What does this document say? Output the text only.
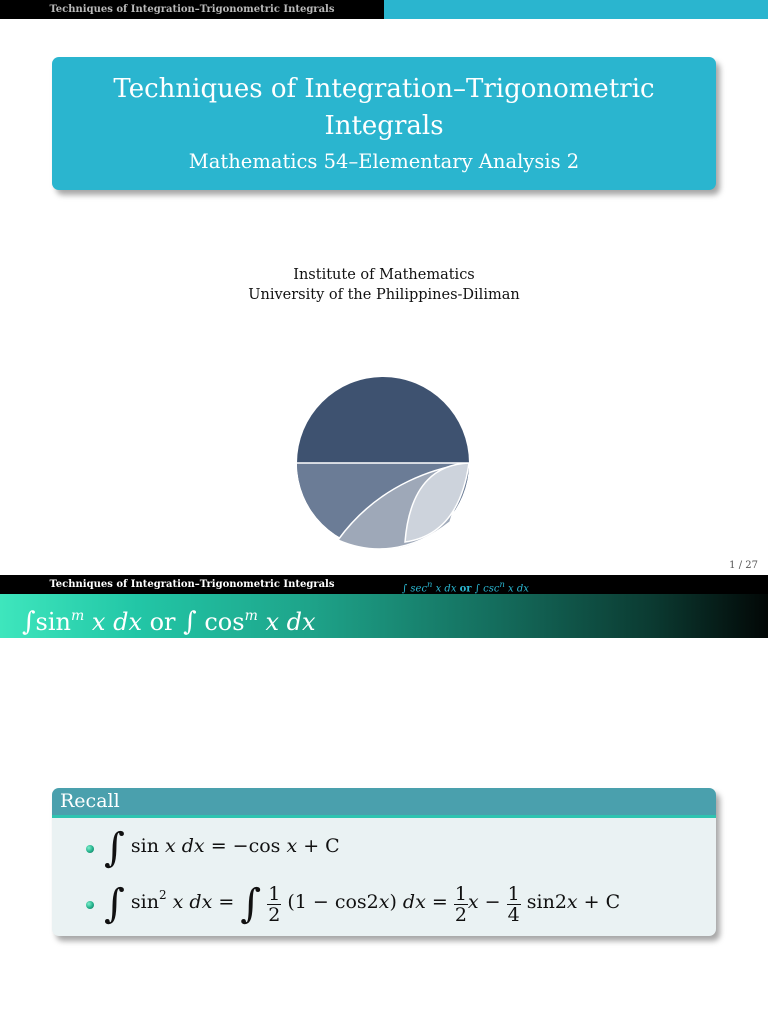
Techniques of Integration–Trigonometric Integrals
Techniques of Integration–Trigonometric
Integrals
Mathematics 54–Elementary Analysis 2
Institute of Mathematics
University of the Philippines-Diliman
1 / 27
Techniques of Integration–Trigonometric Integrals	∫ $\sec^n x$ dx or ∫ $\csc^n x$ dx
$\int\sin^m$ x dx or ∫ $\cos^m x$ dx
Recall
∫ sin x dx = −cos x + C
∫ $\sin^2 x$ dx = ∫ $\frac{1}{2} (1 - \cos 2x)$ dx = $\frac{1}{2}$ $x - \frac{1}{4} \sin 2x + C$
